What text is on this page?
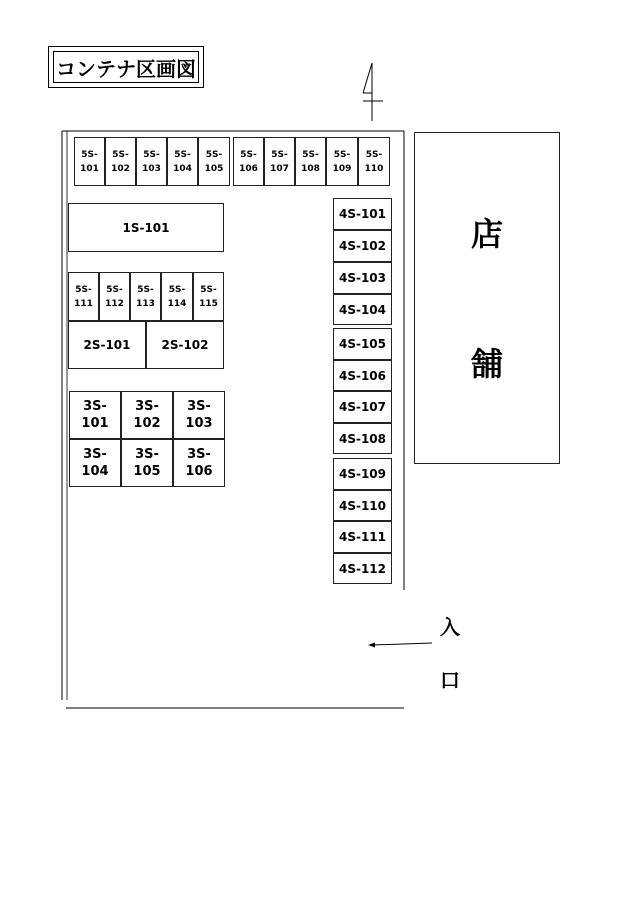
コンテナ区画図
5S-
101
5S-
102
5S-
103
5S-
104
5S-
105
5S-
106
5S-
107
5S-
108
5S-
109
5S-
110
1S-101
5S-
111
5S-
112
5S-
113
5S-
114
5S-
115
2S-101	2S-102
3S-
101
3S-
102
3S-
103
3S-
104
3S-
105
3S-
106
4S-101
4S-102
4S-103
4S-104
4S-105
4S-106
4S-107
4S-108
4S-109
4S-110
4S-111
4S-112
店
舗
入
口
